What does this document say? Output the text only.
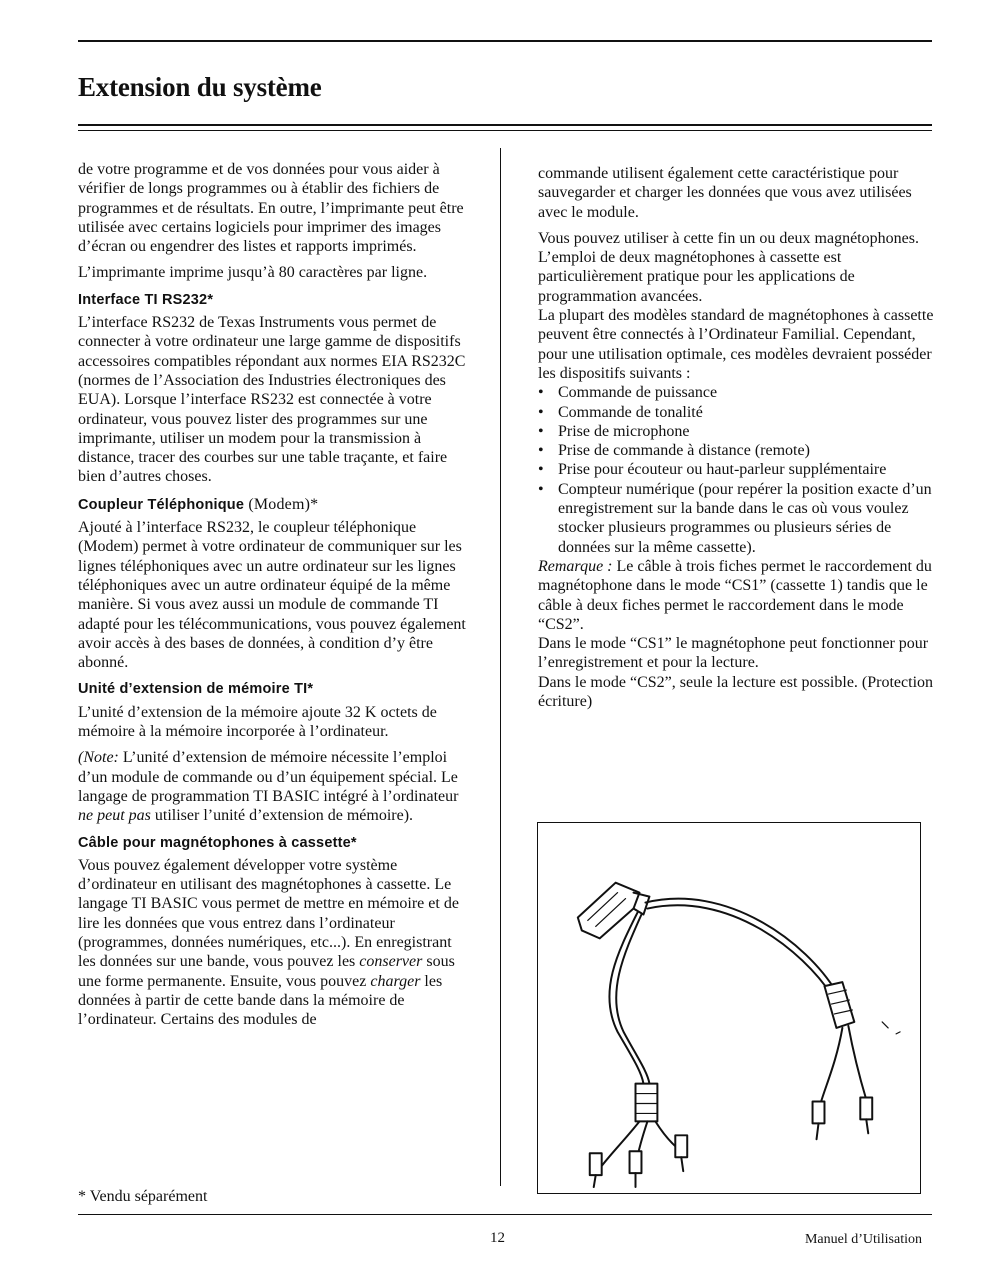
Extension du système

de votre programme et de vos données pour vous aider à vérifier de longs programmes ou à établir des fichiers de programmes et de résultats. En outre, l’imprimante peut être utilisée avec certains logiciels pour imprimer des images d’écran ou engendrer des listes et rapports imprimés.

L’imprimante imprime jusqu’à 80 caractères par ligne.

Interface TI RS232*

L’interface RS232 de Texas Instruments vous permet de connecter à votre ordinateur une large gamme de dispositifs accessoires compatibles répondant aux normes EIA RS232C (normes de l’Association des Industries électroniques des EUA). Lorsque l’interface RS232 est connectée à votre ordinateur, vous pouvez lister des programmes sur une imprimante, utiliser un modem pour la transmission à distance, tracer des courbes sur une table traçante, et faire bien d’autres choses.

Coupleur Téléphonique (Modem)*

Ajouté à l’interface RS232, le coupleur téléphonique (Modem) permet à votre ordinateur de communiquer sur les lignes téléphoniques avec un autre ordinateur sur les lignes téléphoniques avec un autre ordinateur équipé de la même manière. Si vous avez aussi un module de commande TI adapté pour les télécommunications, vous pouvez également avoir accès à des bases de données, à condition d’y être abonné.

Unité d’extension de mémoire TI*

L’unité d’extension de la mémoire ajoute 32 K octets de mémoire à la mémoire incorporée à l’ordinateur.

(Note: L’unité d’extension de mémoire nécessite l’emploi d’un module de commande ou d’un équipement spécial. Le langage de programmation TI BASIC intégré à l’ordinateur ne peut pas utiliser l’unité d’extension de mémoire).

Câble pour magnétophones à cassette*

Vous pouvez également développer votre système d’ordinateur en utilisant des magnétophones à cassette. Le langage TI BASIC vous permet de mettre en mémoire et de lire les données que vous entrez dans l’ordinateur (programmes, données numériques, etc...). En enregistrant les données sur une bande, vous pouvez les conserver sous une forme permanente. Ensuite, vous pouvez charger les données à partir de cette bande dans la mémoire de l’ordinateur. Certains des modules de

commande utilisent également cette caractéristique pour sauvegarder et charger les données que vous avez utilisées avec le module.

Vous pouvez utiliser à cette fin un ou deux magnétophones. L’emploi de deux magnétophones à cassette est particulièrement pratique pour les applications de programmation avancées.

La plupart des modèles standard de magnétophones à cassette peuvent être connectés à l’Ordinateur Familial. Cependant, pour une utilisation optimale, ces modèles devraient posséder les dispositifs suivants :

• Commande de puissance
• Commande de tonalité
• Prise de microphone
• Prise de commande à distance (remote)
• Prise pour écouteur ou haut-parleur supplémentaire
• Compteur numérique (pour repérer la position exacte d’un enregistrement sur la bande dans le cas où vous voulez stocker plusieurs programmes ou plusieurs séries de données sur la même cassette).

Remarque : Le câble à trois fiches permet le raccordement du magnétophone dans le mode “CS1” (cassette 1) tandis que le câble à deux fiches permet le raccordement dans le mode “CS2”.

Dans le mode “CS1” le magnétophone peut fonctionner pour l’enregistrement et pour la lecture.

Dans le mode “CS2”, seule la lecture est possible. (Protection écriture)

* Vendu séparément
12	Manuel d’Utilisation
